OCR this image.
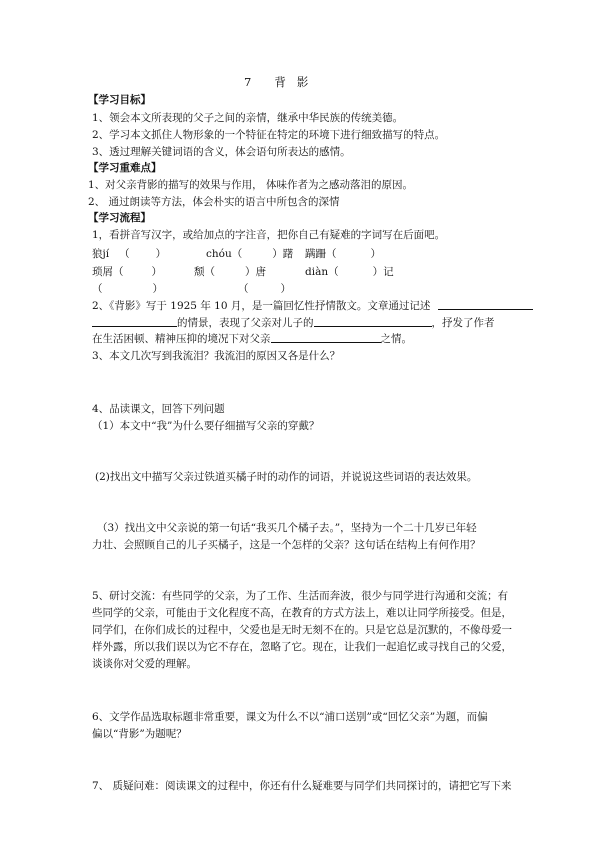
7 背 影
【学习目标】
1、领会本文所表现的父子之间的亲情，继承中华民族的传统美德。
2、学习本文抓住人物形象的一个特征在特定的环境下进行细致描写的特点。
3、透过理解关键词语的含义，体会语句所表达的感情。
【学习重难点】
1、对父亲背影的描写的效果与作用， 体味作者为之感动落泪的原因。
2、 通过朗读等方法，体会朴实的语言中所包含的深情
【学习流程】
1，看拼音写汉字，或给加点的字注音，把你自己有疑难的字词写在后面吧。
狼jí （ ）	chóu（	）躇 蹒跚（	）
琐屑（	）	颓（	）唐	diàn（	）记
（	）	（	）
2、《背影》写于 1925 年 10 月，是一篇回忆性抒情散文。文章通过记述
的情景，表现了父亲对儿子的	，抒发了作者
在生活困顿、精神压抑的境况下对父亲	之情。
3、本文几次写到我流泪？我流泪的原因又各是什么？
4、品读课文，回答下列问题
（1）本文中“我”为什么要仔细描写父亲的穿戴？
(2)找出文中描写父亲过铁道买橘子时的动作的词语，并说说这些词语的表达效果。
（3）找出文中父亲说的第一句话“我买几个橘子去。”，坚持为一个二十几岁已年轻
力壮、会照顾自己的儿子买橘子，这是一个怎样的父亲？这句话在结构上有何作用？
5、研讨交流：有些同学的父亲，为了工作、生活而奔波，很少与同学进行沟通和交流；有
些同学的父亲，可能由于文化程度不高，在教育的方式方法上，难以让同学所接受。但是，
同学们，在你们成长的过程中，父爱也是无时无刻不在的。只是它总是沉默的，不像母爱一
样外露，所以我们误以为它不存在，忽略了它。现在，让我们一起追忆或寻找自己的父爱，
谈谈你对父爱的理解。
6、文学作品选取标题非常重要，课文为什么不以“浦口送别”或“回忆父亲”为题，而偏
偏以“背影”为题呢？
7、 质疑问难：阅读课文的过程中，你还有什么疑难要与同学们共同探讨的，请把它写下来
